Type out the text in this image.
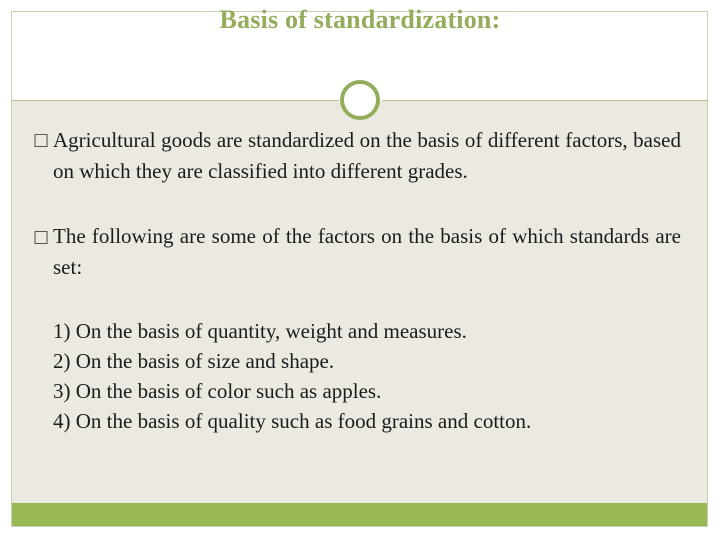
Basis of standardization:
□ Agricultural goods are standardized on the basis of different factors, based on which they are classified into different grades.
□ The following are some of the factors on the basis of which standards are set:
1) On the basis of quantity, weight and measures.
2) On the basis of size and shape.
3) On the basis of color such as apples.
4) On the basis of quality such as food grains and cotton.
